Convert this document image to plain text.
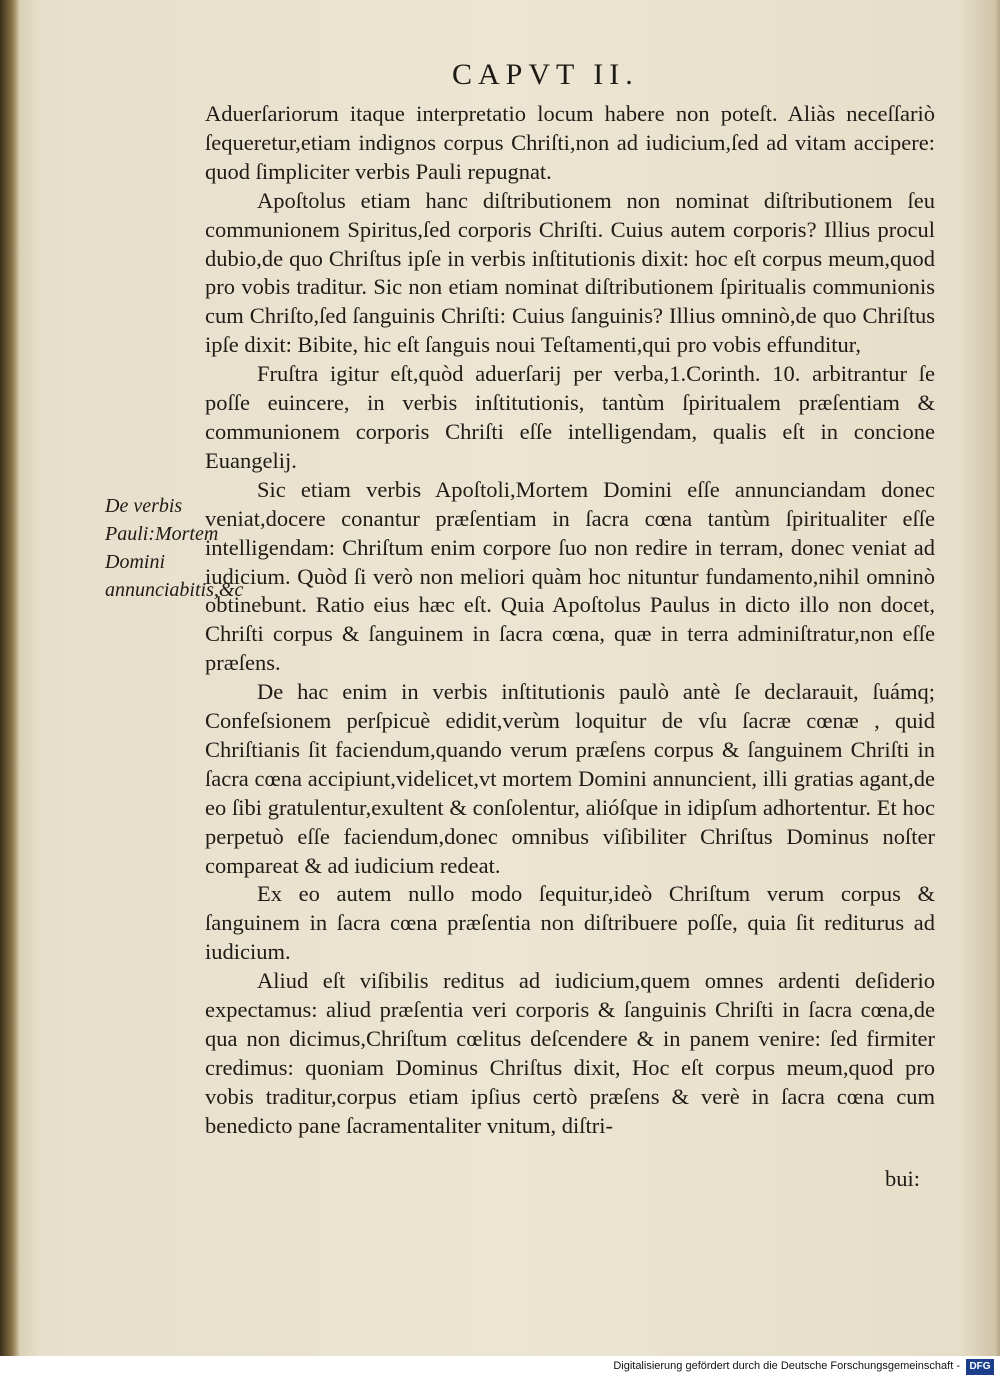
CAPVT II.

Aduerſariorum itaque interpretatio locum habere non poteſt. Aliàs neceſſariò ſequeretur,etiam indignos corpus Chriſti,non ad iudicium,ſed ad vitam accipere: quod ſimpliciter verbis Pauli repugnat.

Apoſtolus etiam hanc diſtributionem non nominat diſtributionem ſeu communionem Spiritus,ſed corporis Chriſti. Cuius autem corporis? Illius procul dubio,de quo Chriſtus ipſe in verbis inſtitutionis dixit: hoc eſt corpus meum,quod pro vobis traditur. Sic non etiam nominat diſtributionem ſpiritualis communionis cum Chriſto,ſed ſanguinis Chriſti: Cuius ſanguinis? Illius omninò,de quo Chriſtus ipſe dixit: Bibite, hic eſt ſanguis noui Teſtamenti,qui pro vobis effunditur,

Fruſtra igitur eſt,quòd aduerſarij per verba,1.Corinth. 10. arbitrantur ſe poſſe euincere, in verbis inſtitutionis, tantùm ſpiritualem præſentiam & communionem corporis Chriſti eſſe intelligendam, qualis eſt in concione Euangelij.

Sic etiam verbis Apoſtoli,Mortem Domini eſſe annunciandam donec veniat,docere conantur præſentiam in ſacra cœna tantùm ſpiritualiter eſſe intelligendam: Chriſtum enim corpore ſuo non redire in terram, donec veniat ad iudicium. Quòd ſi verò non meliori quàm hoc nituntur fundamento,nihil omninò obtinebunt. Ratio eius hæc eſt. Quia Apoſtolus Paulus in dicto illo non docet, Chriſti corpus & ſanguinem in ſacra cœna, quæ in terra adminiſtratur,non eſſe præſens.

De hac enim in verbis inſtitutionis paulò antè ſe declarauit, ſuámq; Confeſsionem perſpicuè edidit,verùm loquitur de vſu ſacræ cœnæ , quid Chriſtianis ſit faciendum,quando verum præſens corpus & ſanguinem Chriſti in ſacra cœna accipiunt,videlicet,vt mortem Domini annuncient, illi gratias agant,de eo ſibi gratulentur,exultent & conſolentur, alióſque in idipſum adhortentur. Et hoc perpetuò eſſe faciendum,donec omnibus viſibiliter Chriſtus Dominus noſter compareat & ad iudicium redeat.

Ex eo autem nullo modo ſequitur,ideò Chriſtum verum corpus & ſanguinem in ſacra cœna præſentia non diſtribuere poſſe, quia ſit rediturus ad iudicium.

Aliud eſt viſibilis reditus ad iudicium,quem omnes ardenti deſiderio expectamus: aliud præſentia veri corporis & ſanguinis Chriſti in ſacra cœna,de qua non dicimus,Chriſtum cœlitus deſcendere & in panem venire: ſed firmiter credimus: quoniam Dominus Chriſtus dixit, Hoc eſt corpus meum,quod pro vobis traditur,corpus etiam ipſius certò præſens & verè in ſacra cœna cum benedicto pane ſacramentaliter vnitum, diſtri-

De verbis Pauli:Mortem Domini annunciabitis,&c
bui:
Digitalisierung gefördert durch die Deutsche Forschungsgemeinschaft - DFG
